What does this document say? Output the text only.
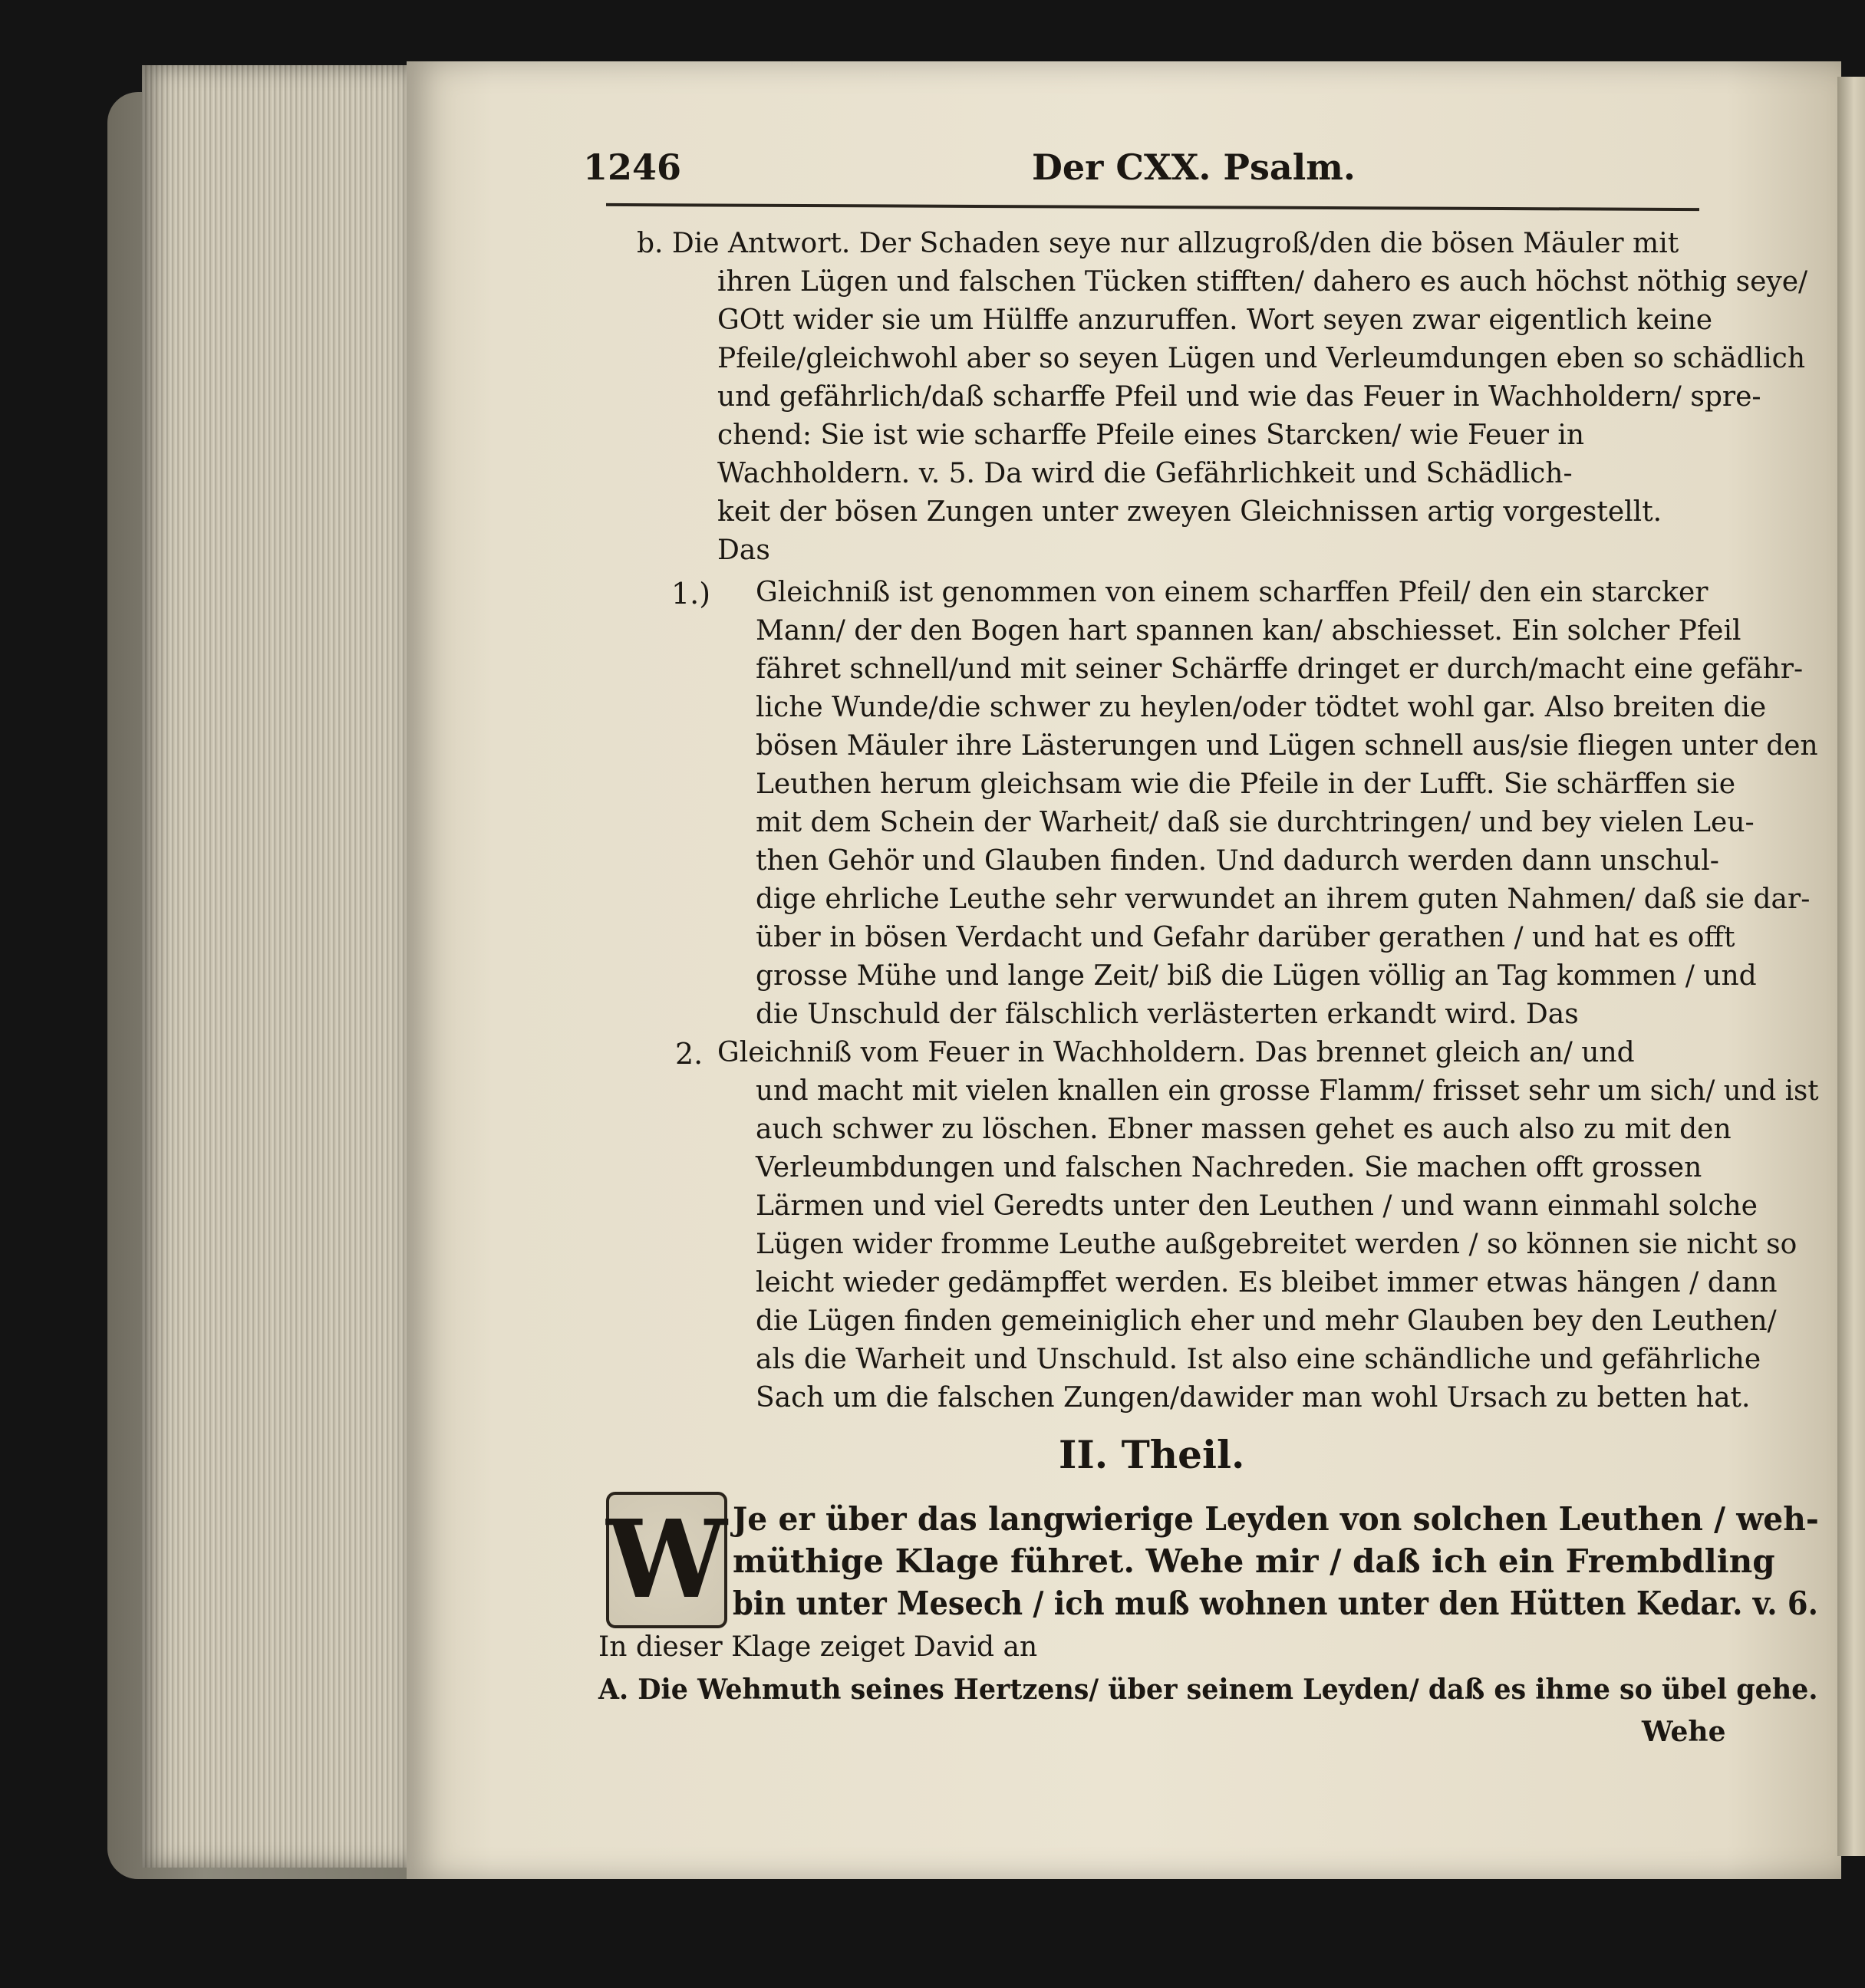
1246	Der CXX. Psalm.
b. Die Antwort. Der Schaden seye nur allzugroß/den die bösen Mäuler mit
ihren Lügen und falschen Tücken stifften/ dahero es auch höchst nöthig seye/
GOtt wider sie um Hülffe anzuruffen. Wort seyen zwar eigentlich keine
Pfeile/gleichwohl aber so seyen Lügen und Verleumdungen eben so schädlich
und gefährlich/daß scharffe Pfeil und wie das Feuer in Wachholdern/ spre-
chend: Sie ist wie scharffe Pfeile eines Starcken/ wie Feuer in
Wachholdern. v. 5. Da wird die Gefährlichkeit und Schädlich-
keit der bösen Zungen unter zweyen Gleichnissen artig vorgestellt.
Das
1.) Gleichniß ist genommen von einem scharffen Pfeil/ den ein starcker
Mann/ der den Bogen hart spannen kan/ abschiesset. Ein solcher Pfeil
fähret schnell/und mit seiner Schärffe dringet er durch/macht eine gefähr-
liche Wunde/die schwer zu heylen/oder tödtet wohl gar. Also breiten die
bösen Mäuler ihre Lästerungen und Lügen schnell aus/sie fliegen unter den
Leuthen herum gleichsam wie die Pfeile in der Lufft. Sie schärffen sie
mit dem Schein der Warheit/ daß sie durchtringen/ und bey vielen Leu-
then Gehör und Glauben finden. Und dadurch werden dann unschul-
dige ehrliche Leuthe sehr verwundet an ihrem guten Nahmen/ daß sie dar-
über in bösen Verdacht und Gefahr darüber gerathen / und hat es offt
grosse Mühe und lange Zeit/ biß die Lügen völlig an Tag kommen / und
die Unschuld der fälschlich verlästerten erkandt wird. Das
2. Gleichniß vom Feuer in Wachholdern. Das brennet gleich an/ und
und macht mit vielen knallen ein grosse Flamm/ frisset sehr um sich/ und ist
auch schwer zu löschen. Ebner massen gehet es auch also zu mit den
Verleumbdungen und falschen Nachreden. Sie machen offt grossen
Lärmen und viel Geredts unter den Leuthen / und wann einmahl solche
Lügen wider fromme Leuthe außgebreitet werden / so können sie nicht so
leicht wieder gedämpffet werden. Es bleibet immer etwas hängen / dann
die Lügen finden gemeiniglich eher und mehr Glauben bey den Leuthen/
als die Warheit und Unschuld. Ist also eine schändliche und gefährliche
Sach um die falschen Zungen/dawider man wohl Ursach zu betten hat.
II. Theil.
W Je er über das langwierige Leyden von solchen Leuthen / weh-
müthige Klage führet. Wehe mir / daß ich ein Frembdling
bin unter Mesech / ich muß wohnen unter den Hütten Kedar. v. 6.
In dieser Klage zeiget David an
A. Die Wehmuth seines Hertzens/ über seinem Leyden/ daß es ihme so übel gehe.
Wehe
